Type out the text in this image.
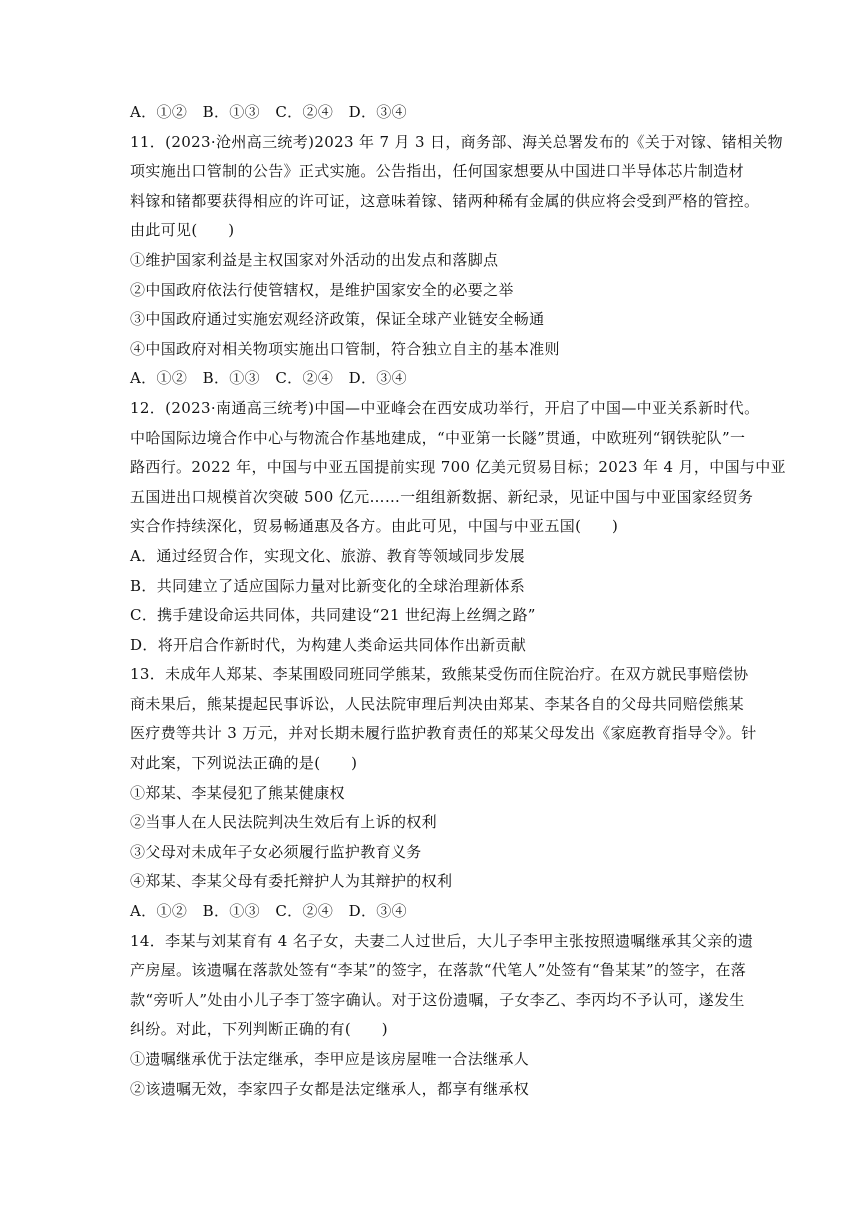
A．①②　B．①③　C．②④　D．③④
11．(2023·沧州高三统考)2023 年 7 月 3 日，商务部、海关总署发布的《关于对镓、锗相关物
项实施出口管制的公告》正式实施。公告指出，任何国家想要从中国进口半导体芯片制造材
料镓和锗都要获得相应的许可证，这意味着镓、锗两种稀有金属的供应将会受到严格的管控。
由此可见(　　)
①维护国家利益是主权国家对外活动的出发点和落脚点
②中国政府依法行使管辖权，是维护国家安全的必要之举
③中国政府通过实施宏观经济政策，保证全球产业链安全畅通
④中国政府对相关物项实施出口管制，符合独立自主的基本准则
A．①②　B．①③　C．②④　D．③④
12．(2023·南通高三统考)中国—中亚峰会在西安成功举行，开启了中国—中亚关系新时代。
中哈国际边境合作中心与物流合作基地建成，“中亚第一长隧”贯通，中欧班列“钢铁驼队”一
路西行。2022 年，中国与中亚五国提前实现 700 亿美元贸易目标；2023 年 4 月，中国与中亚
五国进出口规模首次突破 500 亿元……一组组新数据、新纪录，见证中国与中亚国家经贸务
实合作持续深化，贸易畅通惠及各方。由此可见，中国与中亚五国(　　)
A．通过经贸合作，实现文化、旅游、教育等领域同步发展
B．共同建立了适应国际力量对比新变化的全球治理新体系
C．携手建设命运共同体，共同建设“21 世纪海上丝绸之路”
D．将开启合作新时代，为构建人类命运共同体作出新贡献
13．未成年人郑某、李某围殴同班同学熊某，致熊某受伤而住院治疗。在双方就民事赔偿协
商未果后，熊某提起民事诉讼，人民法院审理后判决由郑某、李某各自的父母共同赔偿熊某
医疗费等共计 3 万元，并对长期未履行监护教育责任的郑某父母发出《家庭教育指导令》。针
对此案，下列说法正确的是(　　)
①郑某、李某侵犯了熊某健康权
②当事人在人民法院判决生效后有上诉的权利
③父母对未成年子女必须履行监护教育义务
④郑某、李某父母有委托辩护人为其辩护的权利
A．①②　B．①③　C．②④　D．③④
14．李某与刘某育有 4 名子女，夫妻二人过世后，大儿子李甲主张按照遗嘱继承其父亲的遗
产房屋。该遗嘱在落款处签有“李某”的签字，在落款“代笔人”处签有“鲁某某”的签字，在落
款“旁听人”处由小儿子李丁签字确认。对于这份遗嘱，子女李乙、李丙均不予认可，遂发生
纠纷。对此，下列判断正确的有(　　)
①遗嘱继承优于法定继承，李甲应是该房屋唯一合法继承人
②该遗嘱无效，李家四子女都是法定继承人，都享有继承权
